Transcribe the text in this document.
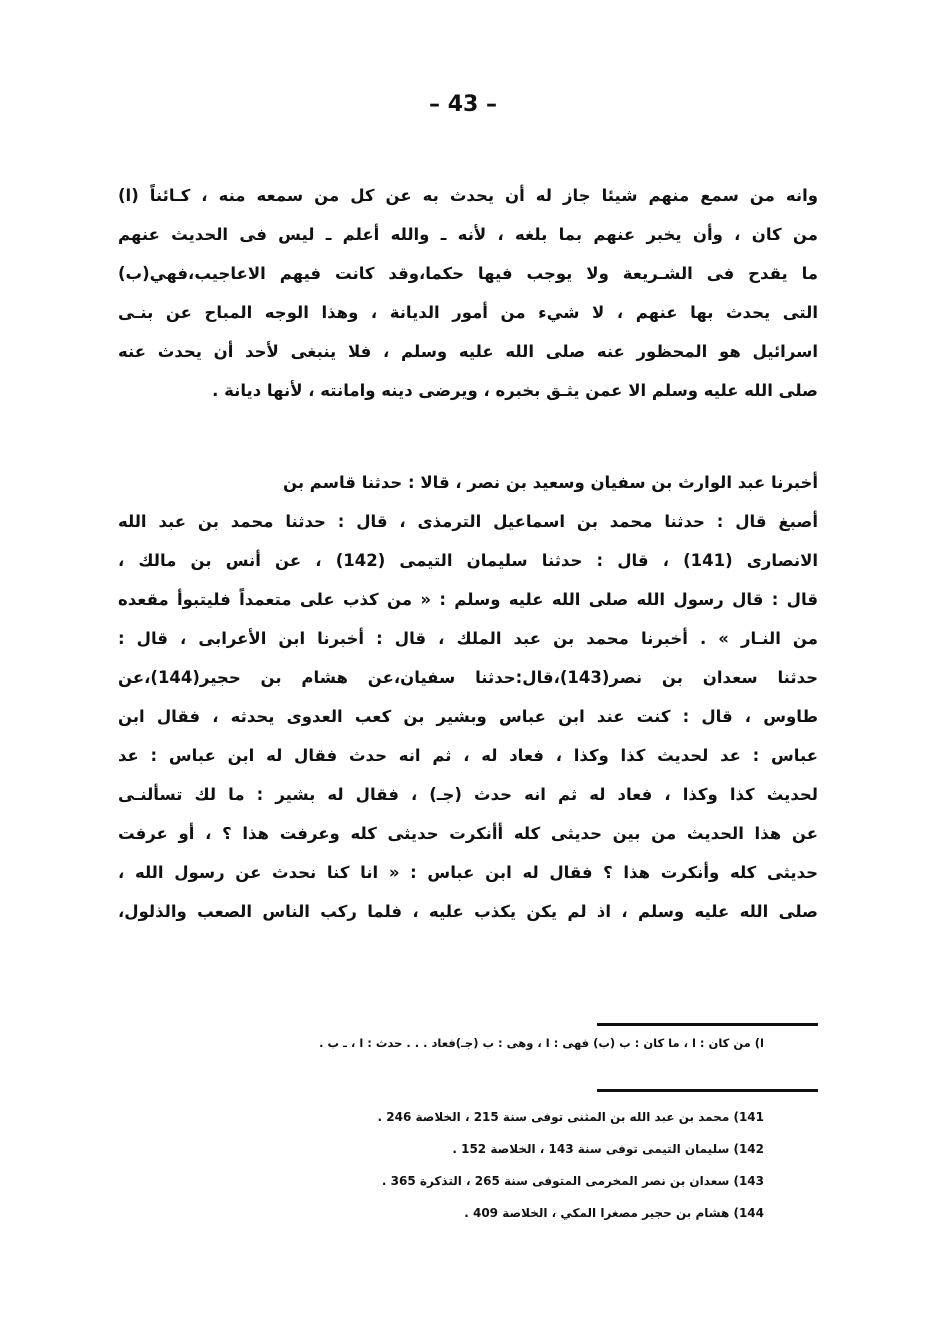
– 43 –
وانه من سمع منهم شيئا جاز له أن يحدث به عن كل من سمعه منه ، كـائناً (ا)
من كان ، وأن يخبر عنهم بما بلغه ، لأنه ـ والله أعلم ـ ليس فى الحديث عنهم
ما يقدح فى الشـريعة ولا يوجب فيها حكما،وقد كانت فيهم الاعاجيب،فهي(ب)
التى يحدث بها عنهم ، لا شيء من أمور الديانة ، وهذا الوجه المباح عن بنـى
اسرائيل هو المحظور عنه صلى الله عليه وسلم ، فلا ينبغى لأحد أن يحدث عنه
صلى الله عليه وسلم الا عمن يثـق بخبره ، ويرضى دينه وامانته ، لأنها ديانة .
أخبرنا عبد الوارث بن سفيان وسعيد بن نصر ، قالا : حدثنا قاسم بن
أصبغ قال : حدثنا محمد بن اسماعيل الترمذى ، قال : حدثنا محمد بن عبد الله
الانصارى (141) ، قال : حدثنا سليمان التيمى (142) ، عن أنس بن مالك ،
قال : قال رسول الله صلى الله عليه وسلم : « من كذب على متعمداً فليتبوأ مقعده
من النـار » . أخبرنا محمد بن عبد الملك ، قال : أخبرنا ابن الأعرابى ، قال :
حدثنا سعدان بن نصر(143)،قال:حدثنا سفيان،عن هشام بن حجير(144)،عن
طاوس ، قال : كنت عند ابن عباس وبشير بن كعب العدوى يحدثه ، فقال ابن
عباس : عد لحديث كذا وكذا ، فعاد له ، ثم انه حدث فقال له ابن عباس : عد
لحديث كذا وكذا ، فعاد له ثم انه حدث (جـ) ، فقال له بشير : ما لك تسألنـى
عن هذا الحديث من بين حديثى كله أأنكرت حديثى كله وعرفت هذا ؟ ، أو عرفت
حديثى كله وأنكرت هذا ؟ فقال له ابن عباس : « انا كنا نحدث عن رسول الله ،
صلى الله عليه وسلم ، اذ لم يكن يكذب عليه ، فلما ركب الناس الصعب والذلول،
ا) من كان : ا ، ما كان : ب (ب) فهى : ا ، وهى : ب (جـ)فعاد . . . حدث : ا ، ـ ب .
141) محمد بن عبد الله بن المثنى توفى سنة 215 ، الخلاصة 246 .
142) سليمان التيمى توفى سنة 143 ، الخلاصة 152 .
143) سعدان بن نصر المخرمى المتوفى سنة 265 ، التذكرة 365 .
144) هشام بن حجير مصغرا المكي ، الخلاصة 409 .
